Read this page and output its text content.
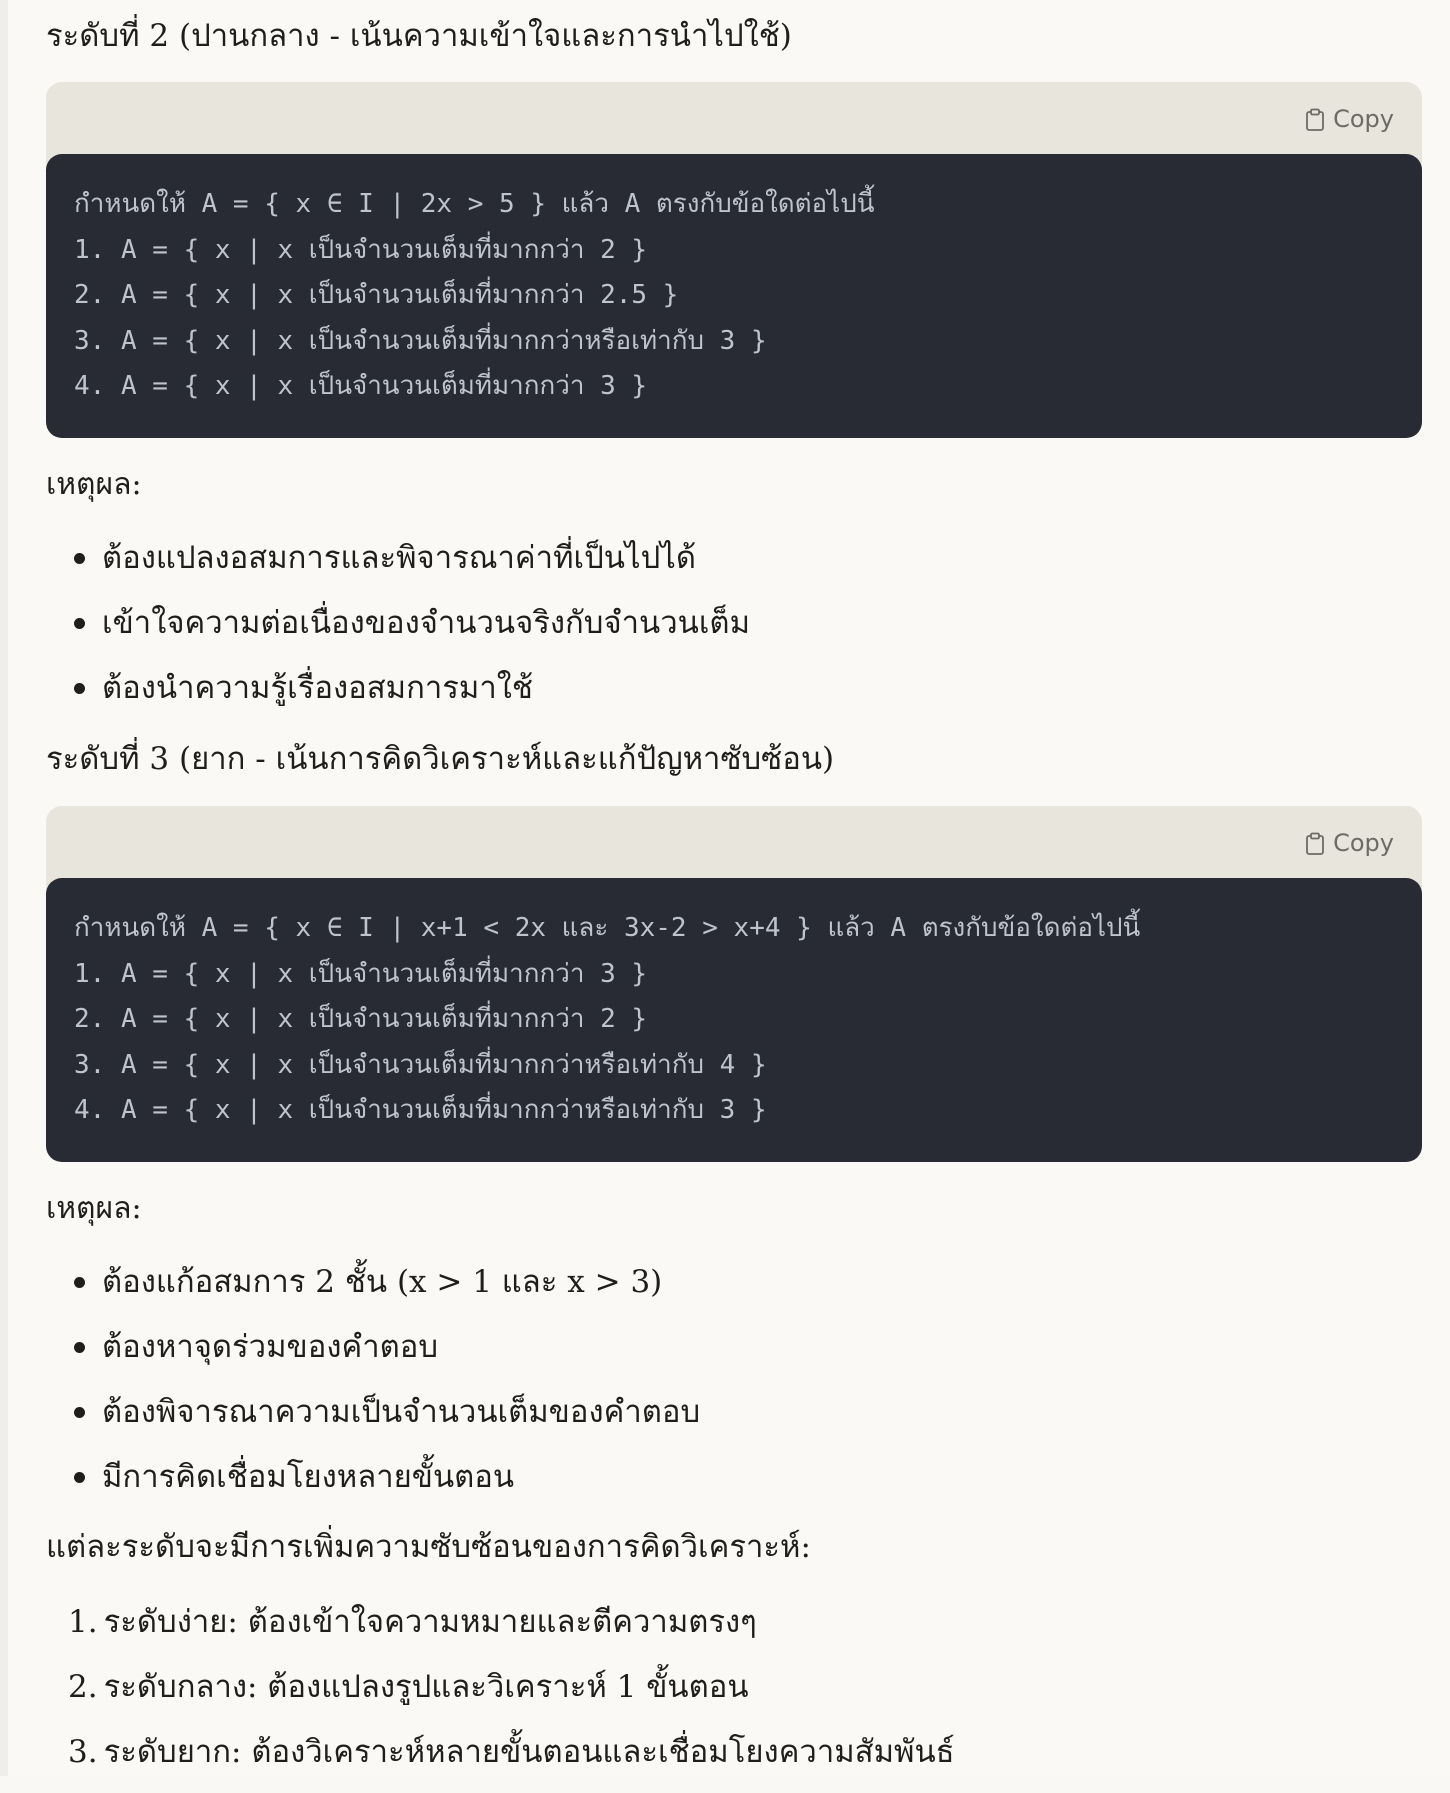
ระดับที่ 2 (ปานกลาง - เน้นความเข้าใจและการนำไปใช้)
Copy
กำหนดให้ A = { x ∈ I | 2x > 5 } แล้ว A ตรงกับข้อใดต่อไปนี้
1. A = { x | x เป็นจำนวนเต็มที่มากกว่า 2 }
2. A = { x | x เป็นจำนวนเต็มที่มากกว่า 2.5 }
3. A = { x | x เป็นจำนวนเต็มที่มากกว่าหรือเท่ากับ 3 }
4. A = { x | x เป็นจำนวนเต็มที่มากกว่า 3 }
เหตุผล:
ต้องแปลงอสมการและพิจารณาค่าที่เป็นไปได้
เข้าใจความต่อเนื่องของจำนวนจริงกับจำนวนเต็ม
ต้องนำความรู้เรื่องอสมการมาใช้
ระดับที่ 3 (ยาก - เน้นการคิดวิเคราะห์และแก้ปัญหาซับซ้อน)
Copy
กำหนดให้ A = { x ∈ I | x+1 < 2x และ 3x-2 > x+4 } แล้ว A ตรงกับข้อใดต่อไปนี้
1. A = { x | x เป็นจำนวนเต็มที่มากกว่า 3 }
2. A = { x | x เป็นจำนวนเต็มที่มากกว่า 2 }
3. A = { x | x เป็นจำนวนเต็มที่มากกว่าหรือเท่ากับ 4 }
4. A = { x | x เป็นจำนวนเต็มที่มากกว่าหรือเท่ากับ 3 }
เหตุผล:
ต้องแก้อสมการ 2 ชั้น (x > 1 และ x > 3)
ต้องหาจุดร่วมของคำตอบ
ต้องพิจารณาความเป็นจำนวนเต็มของคำตอบ
มีการคิดเชื่อมโยงหลายขั้นตอน
แต่ละระดับจะมีการเพิ่มความซับซ้อนของการคิดวิเคราะห์:
1. ระดับง่าย: ต้องเข้าใจความหมายและตีความตรงๆ
2. ระดับกลาง: ต้องแปลงรูปและวิเคราะห์ 1 ขั้นตอน
3. ระดับยาก: ต้องวิเคราะห์หลายขั้นตอนและเชื่อมโยงความสัมพันธ์
